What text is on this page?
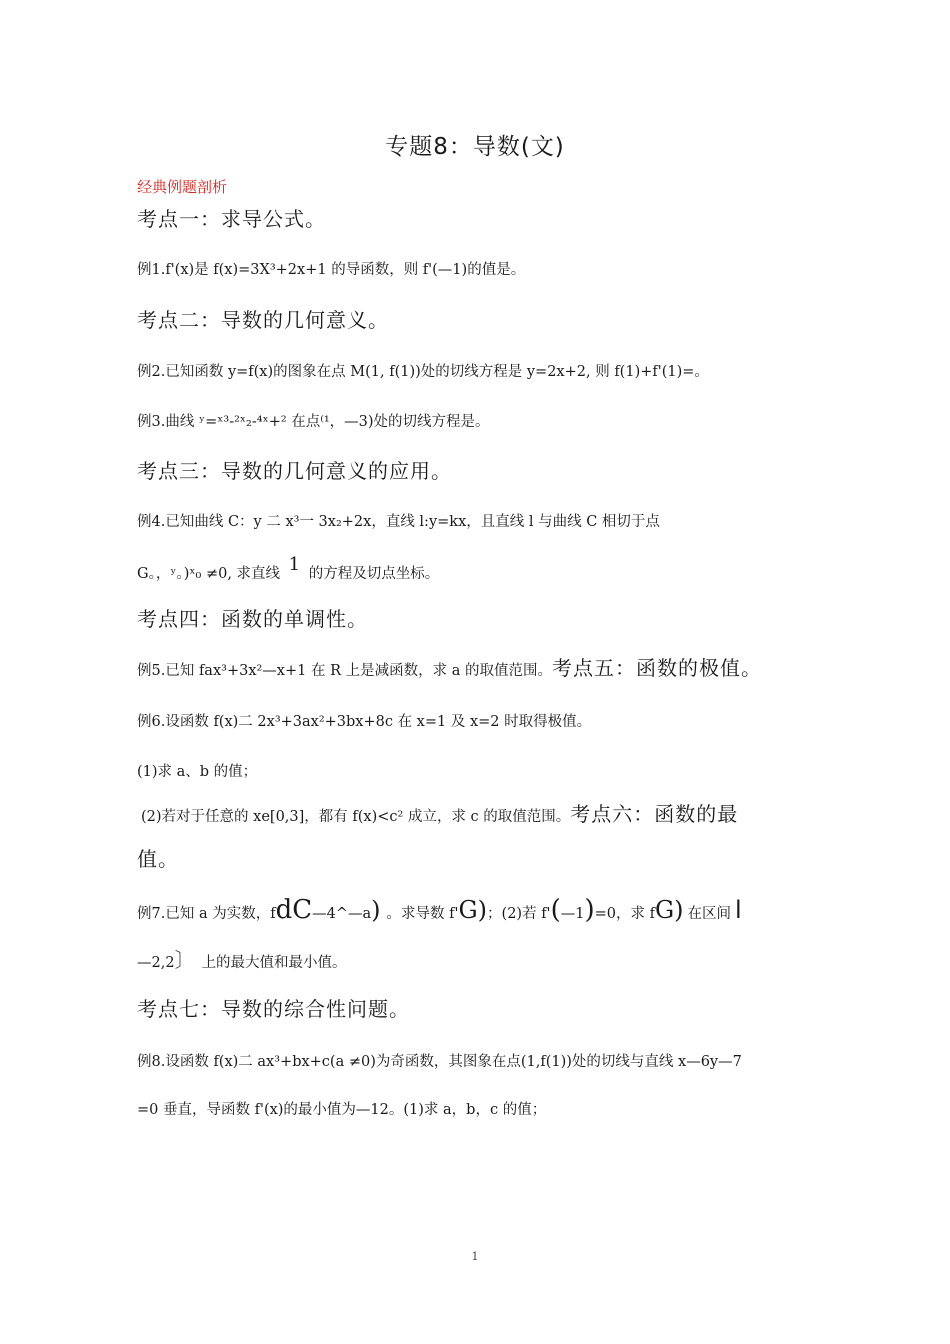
专题8：导数(文)
经典例题剖析
考点一：求导公式。
例1.f'(x)是 f(x)=3X³+2x+1 的导函数，则 f'(—1)的值是。
考点二：导数的几何意义。
例2.已知函数 y=f(x)的图象在点 M(1, f(1))处的切线方程是 y=2x+2, 则 f(1)+f'(1)=。
例3.曲线 ʸ=ˣ³-²ˣ₂-⁴ˣ+² 在点⁽¹，—3)处的切线方程是。
考点三：导数的几何意义的应用。
例4.已知曲线 C：y 二 x³一 3x₂+2x，直线 l:y=kx，且直线 l 与曲线 C 相切于点
G。，ʸ。)ˣ₀ ≠0, 求直线 1 的方程及切点坐标。
考点四：函数的单调性。
例5.已知 fax³+3x²—x+1 在 R 上是减函数，求 a 的取值范围。考点五：函数的极值。
例6.设函数 f(x)二 2x³+3ax²+3bx+8c 在 x=1 及 x=2 时取得极值。
(1)求 a、b 的值；
(2)若对于任意的 xe[0,3]，都有 f(x)<c² 成立，求 c 的取值范围。考点六：函数的最
值。
例7.已知 a 为实数，fdC—4^—a) 。求导数 f'G)；(2)若 f'(—1)=0，求 fG) 在区间 l
—2,2〕 上的最大值和最小值。
考点七：导数的综合性问题。
例8.设函数 f(x)二 ax³+bx+c(a ≠0)为奇函数，其图象在点(1,f(1))处的切线与直线 x—6y—7
=0 垂直，导函数 f'(x)的最小值为—12。(1)求 a，b，c 的值；
1
